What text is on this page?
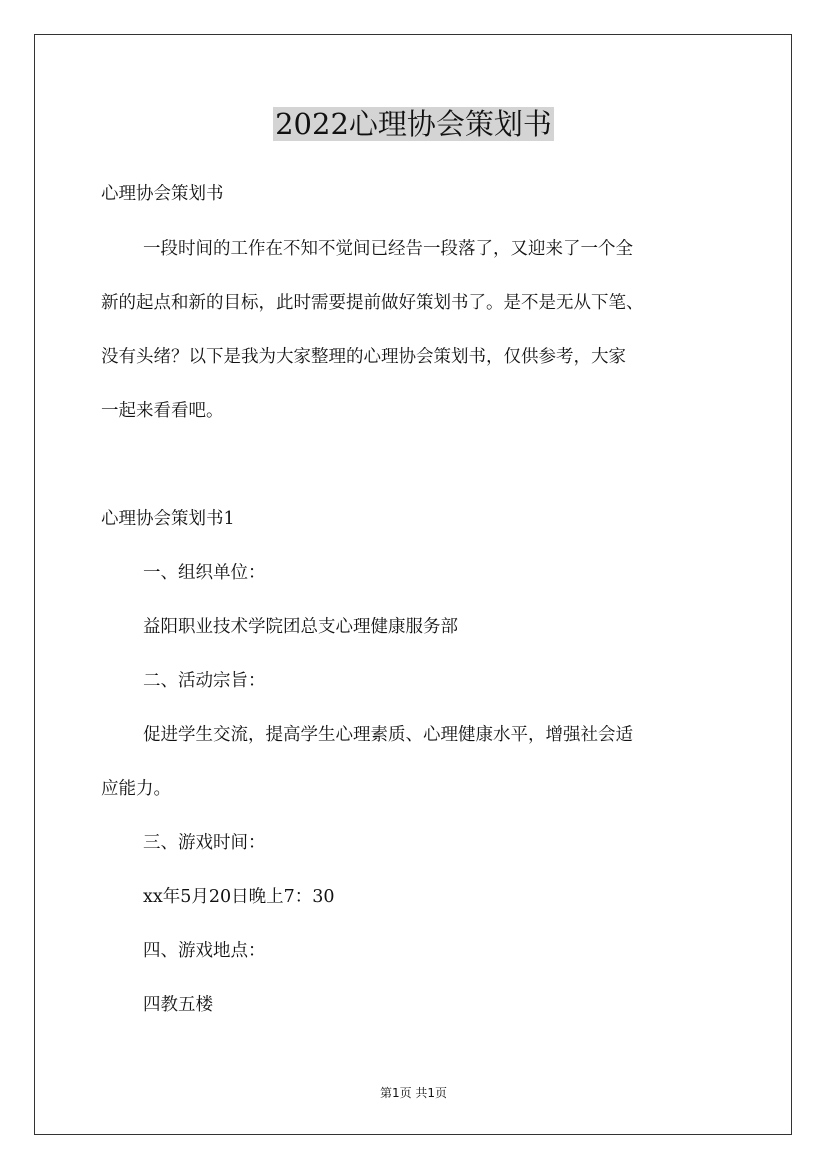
2022心理协会策划书

心理协会策划书

一段时间的工作在不知不觉间已经告一段落了，又迎来了一个全

新的起点和新的目标，此时需要提前做好策划书了。是不是无从下笔、

没有头绪？以下是我为大家整理的心理协会策划书，仅供参考，大家

一起来看看吧。

心理协会策划书1

一、组织单位：

益阳职业技术学院团总支心理健康服务部

二、活动宗旨：

促进学生交流，提高学生心理素质、心理健康水平，增强社会适

应能力。

三、游戏时间：

xx年5月20日晚上7：30

四、游戏地点：

四教五楼

第1页 共1页
